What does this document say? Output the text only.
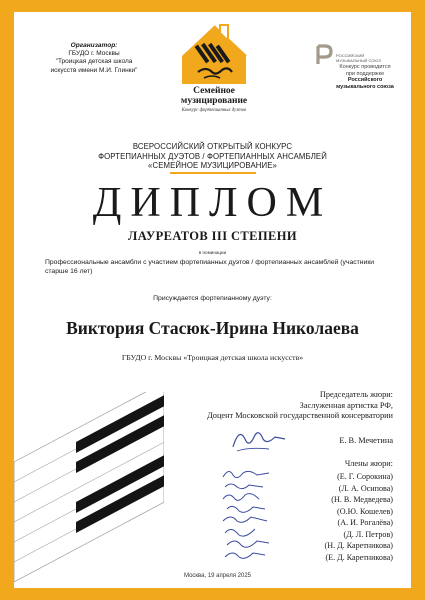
Организатор:
ГБУДО г. Москвы
"Троицкая детская школа
искусств имени М.И. Глинки"
Семейное
музицирование
Конкурс фортепианных дуэтов
РОССИЙСКИЙ
МУЗЫКАЛЬНЫЙ СОЮЗ
Конкурс проводится
при поддержке
Российского
музыкального союза
ВСЕРОССИЙСКИЙ ОТКРЫТЫЙ КОНКУРС
ФОРТЕПИАННЫХ ДУЭТОВ / ФОРТЕПИАННЫХ АНСАМБЛЕЙ
«СЕМЕЙНОЕ МУЗИЦИРОВАНИЕ»
ДИПЛОМ
ЛАУРЕАТОВ III СТЕПЕНИ
в номинации
Профессиональные ансамбли с участием фортепианных дуэтов / фортепианных ансамблей (участники старше 16 лет)
Присуждается фортепианному дуэту:
Виктория Стасюк-Ирина Николаева
ГБУДО г. Москвы «Троицкая детская школа искусств»
Председатель жюри:
Заслуженная артистка РФ,
Доцент Московской государственной консерватории
Е. В. Мечетина
Члены жюри:
(Е. Г. Сорокина)
(Л. А. Осипова)
(Н. В. Медведева)
(О.Ю. Кошелев)
(А. И. Рогалёва)
(Д. Л. Петров)
(Н. Д. Каретникова)
(Е. Д. Каретникова)
Москва, 19 апреля 2025
